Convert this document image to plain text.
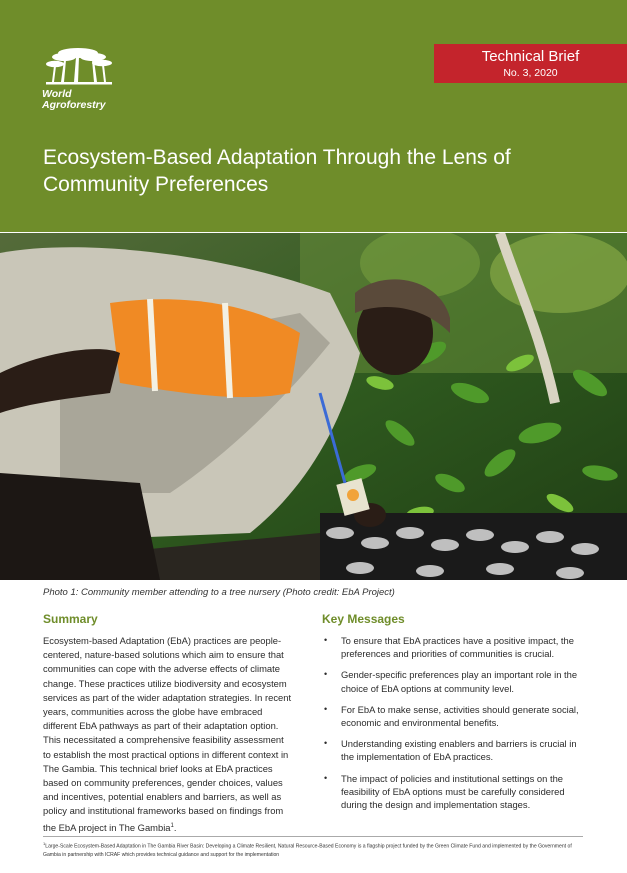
World
Agroforestry
Technical Brief
No. 3, 2020
Ecosystem-Based Adaptation Through the Lens of
Community Preferences
Photo 1: Community member attending to a tree nursery (Photo credit: EbA Project)
Summary

Ecosystem-based Adaptation (EbA) practices are people-centered, nature-based solutions which aim to ensure that communities can cope with the adverse effects of climate change. These practices utilize biodiversity and ecosystem services as part of the wider adaptation strategies. In recent years, communities across the globe have embraced different EbA pathways as part of their adaptation option. This necessitated a comprehensive feasibility assessment to establish the most practical options in different context in The Gambia. This technical brief looks at EbA practices based on community preferences, gender choices, values and incentives, potential enablers and barriers, as well as policy and institutional frameworks based on findings from the EbA project in The Gambia$^1$.

Key Messages
• To ensure that EbA practices have a positive impact, the preferences and priorities of communities is crucial.
• Gender-specific preferences play an important role in the choice of EbA options at community level.
• For EbA to make sense, activities should generate social, economic and environmental benefits.
• Understanding existing enablers and barriers is crucial in the implementation of EbA practices.
• The impact of policies and institutional settings on the feasibility of EbA options must be carefully considered during the design and implementation stages.
$^1$Large-Scale Ecosystem-Based Adaptation in The Gambia River Basin: Developing a Climate Resilient, Natural Resource-Based Economy is a flagship project funded by the Green Climate Fund and implemented by the Government of Gambia in partnership with ICRAF which provides technical guidance and support for the implementation
